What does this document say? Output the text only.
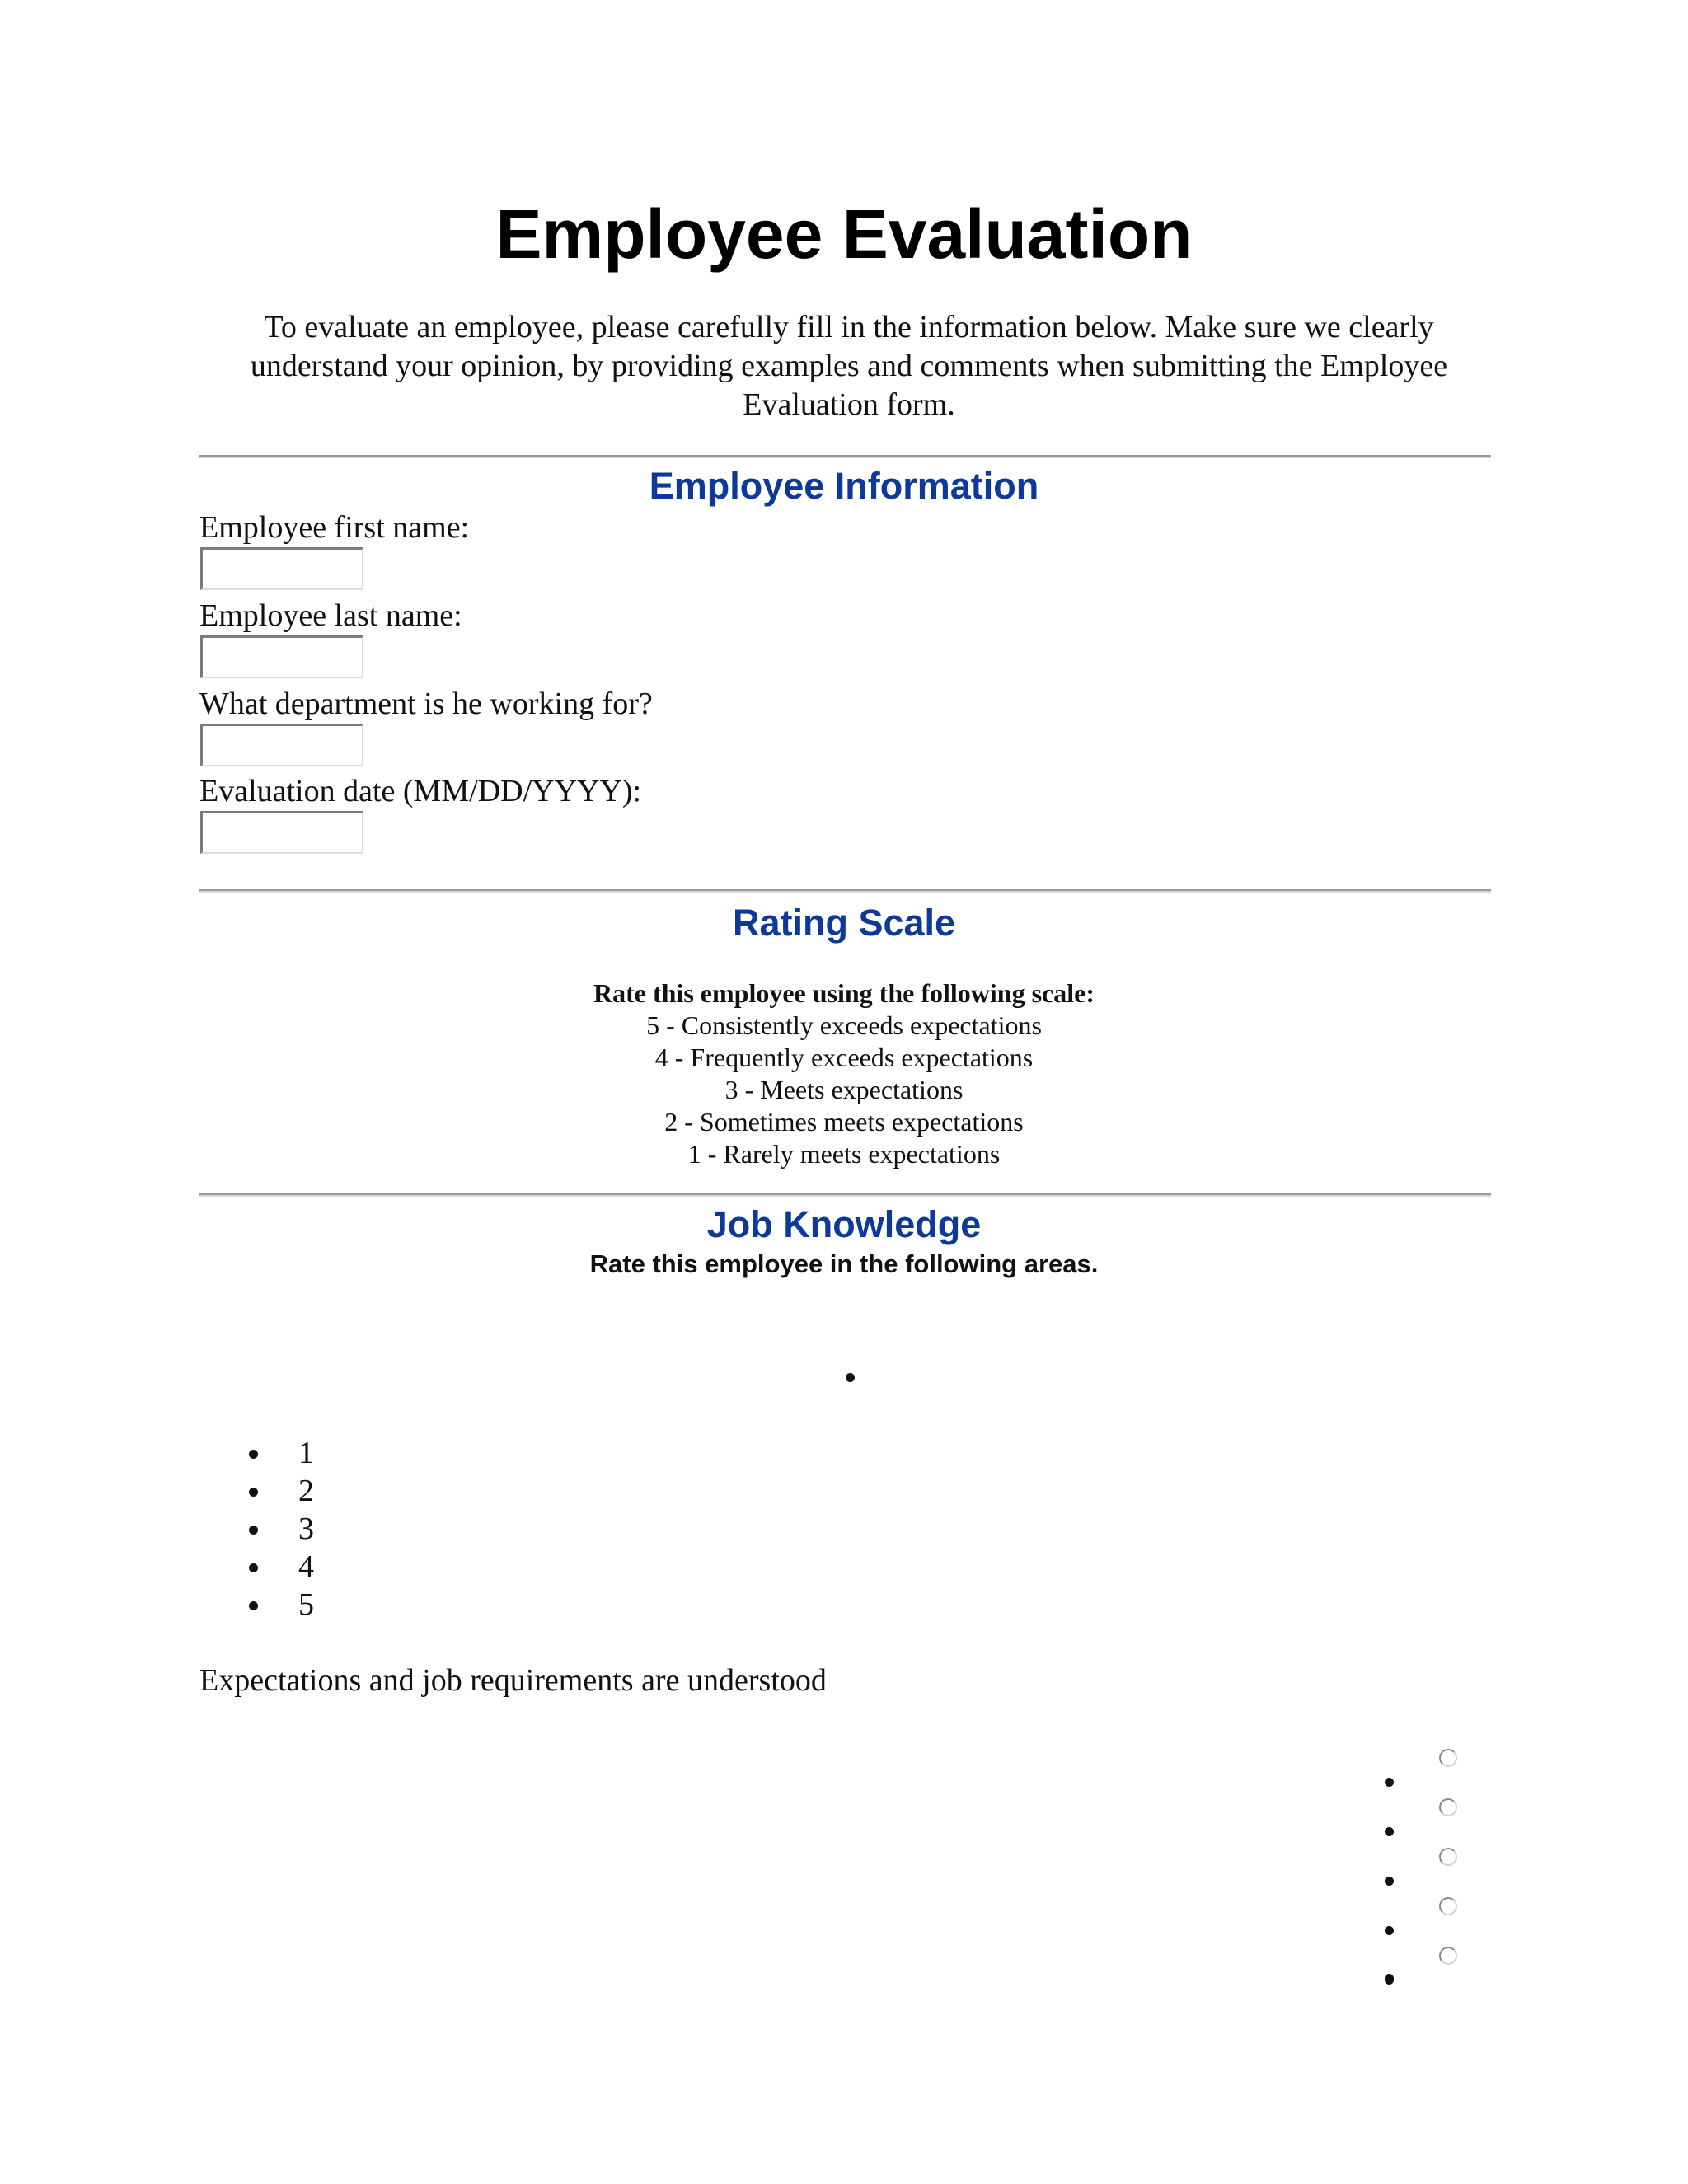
Employee Evaluation
To evaluate an employee, please carefully fill in the information below. Make sure we clearly understand your opinion, by providing examples and comments when submitting the Employee Evaluation form.
Employee Information
Employee first name:
Employee last name:
What department is he working for?
Evaluation date (MM/DD/YYYY):
Rating Scale
Rate this employee using the following scale:
5 - Consistently exceeds expectations
4 - Frequently exceeds expectations
3 - Meets expectations
2 - Sometimes meets expectations
1 - Rarely meets expectations
Job Knowledge
Rate this employee in the following areas.
1
2
3
4
5
Expectations and job requirements are understood
